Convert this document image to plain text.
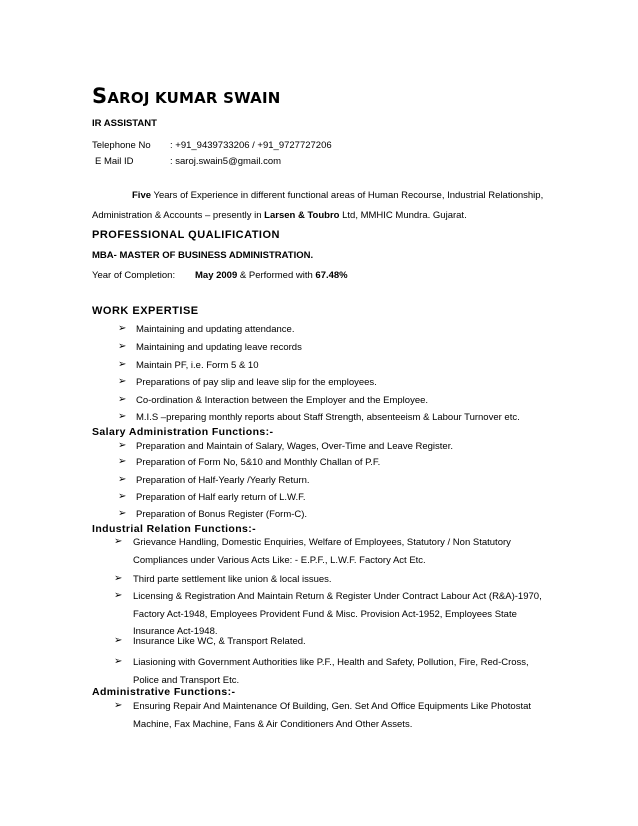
SAROJ KUMAR SWAIN
IR ASSISTANT
Telephone No : +91_9439733206 / +91_9727727206
E Mail ID	: saroj.swain5@gmail.com
Five Years of Experience in different functional areas of Human Recourse, Industrial Relationship,
Administration & Accounts – presently in Larsen & Toubro Ltd, MMHIC Mundra. Gujarat.
PROFESSIONAL QUALIFICATION
MBA- MASTER OF BUSINESS ADMINISTRATION.
Year of Completion: May 2009 & Performed with 67.48%
WORK EXPERTISE
➢ Maintaining and updating attendance.
➢ Maintaining and updating leave records
➢ Maintain PF, i.e. Form 5 & 10
➢ Preparations of pay slip and leave slip for the employees.
➢ Co-ordination & Interaction between the Employer and the Employee.
➢ M.I.S –preparing monthly reports about Staff Strength, absenteeism & Labour Turnover etc.
Salary Administration Functions:-
➢ Preparation and Maintain of Salary, Wages, Over-Time and Leave Register.
➢ Preparation of Form No, 5&10 and Monthly Challan of P.F.
➢ Preparation of Half-Yearly /Yearly Return.
➢ Preparation of Half early return of L.W.F.
➢ Preparation of Bonus Register (Form-C).
Industrial Relation Functions:-
➢ Grievance Handling, Domestic Enquiries, Welfare of Employees, Statutory / Non Statutory
Compliances under Various Acts Like: - E.P.F., L.W.F. Factory Act Etc.
➢ Third parte settlement like union & local issues.
➢ Licensing & Registration And Maintain Return & Register Under Contract Labour Act (R&A)-1970,
Factory Act-1948, Employees Provident Fund & Misc. Provision Act-1952, Employees State
Insurance Act-1948.
➢ Insurance Like WC, & Transport Related.
➢ Liasioning with Government Authorities like P.F., Health and Safety, Pollution, Fire, Red-Cross,
Police and Transport Etc.
Administrative Functions:-
➢ Ensuring Repair And Maintenance Of Building, Gen. Set And Office Equipments Like Photostat
Machine, Fax Machine, Fans & Air Conditioners And Other Assets.
